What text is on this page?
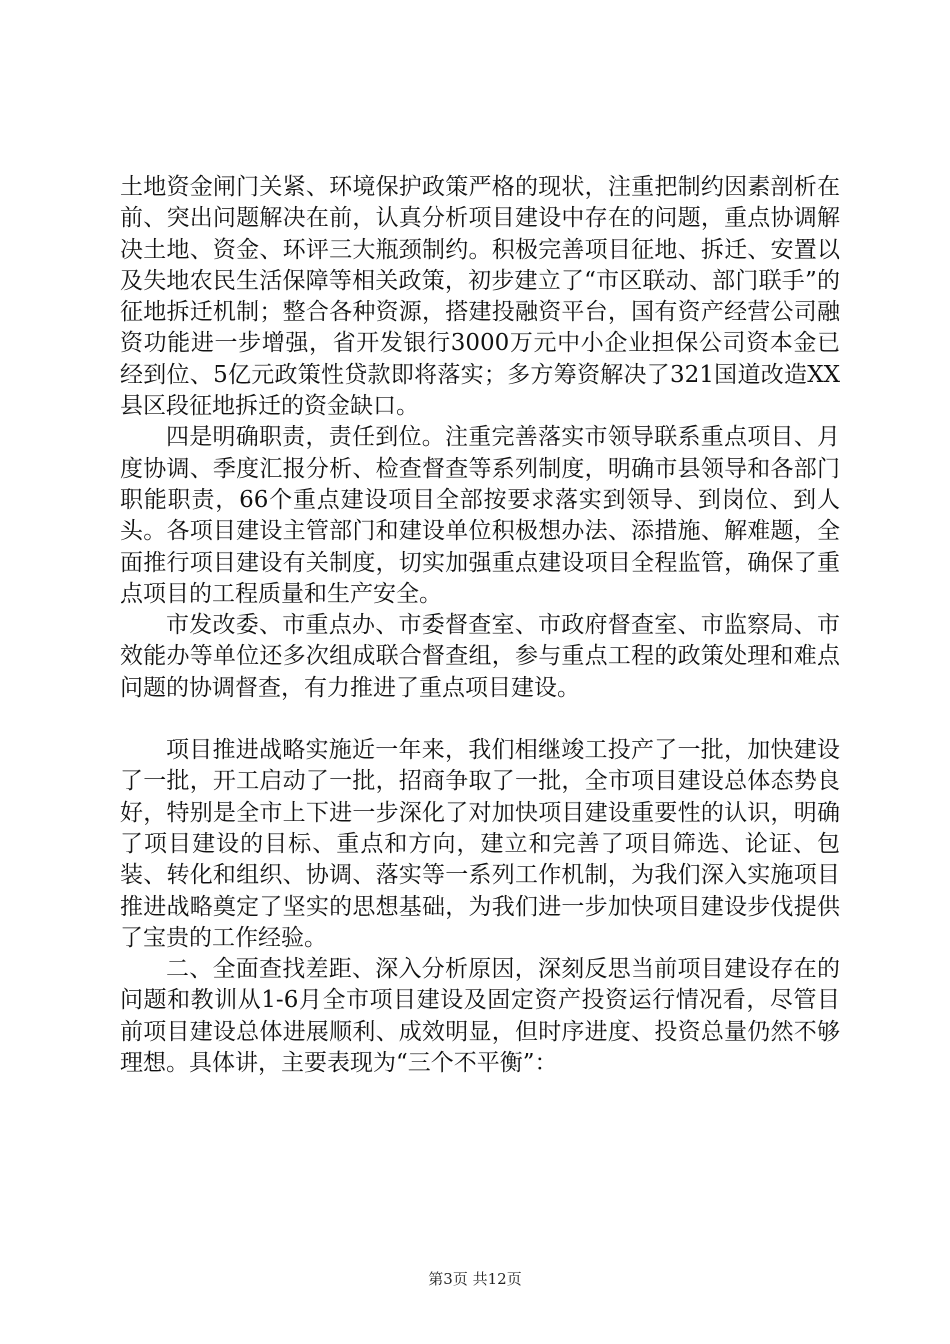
土地资金闸门关紧、环境保护政策严格的现状，注重把制约因素剖析在前、突出问题解决在前，认真分析项目建设中存在的问题，重点协调解决土地、资金、环评三大瓶颈制约。积极完善项目征地、拆迁、安置以及失地农民生活保障等相关政策，初步建立了“市区联动、部门联手”的征地拆迁机制；整合各种资源，搭建投融资平台，国有资产经营公司融资功能进一步增强，省开发银行3000万元中小企业担保公司资本金已经到位、5亿元政策性贷款即将落实；多方筹资解决了321国道改造XX县区段征地拆迁的资金缺口。

四是明确职责，责任到位。注重完善落实市领导联系重点项目、月度协调、季度汇报分析、检查督查等系列制度，明确市县领导和各部门职能职责，66个重点建设项目全部按要求落实到领导、到岗位、到人头。各项目建设主管部门和建设单位积极想办法、添措施、解难题，全面推行项目建设有关制度，切实加强重点建设项目全程监管，确保了重点项目的工程质量和生产安全。

市发改委、市重点办、市委督查室、市政府督查室、市监察局、市效能办等单位还多次组成联合督查组，参与重点工程的政策处理和难点问题的协调督查，有力推进了重点项目建设。

项目推进战略实施近一年来，我们相继竣工投产了一批，加快建设了一批，开工启动了一批，招商争取了一批，全市项目建设总体态势良好，特别是全市上下进一步深化了对加快项目建设重要性的认识，明确了项目建设的目标、重点和方向，建立和完善了项目筛选、论证、包装、转化和组织、协调、落实等一系列工作机制，为我们深入实施项目推进战略奠定了坚实的思想基础，为我们进一步加快项目建设步伐提供了宝贵的工作经验。

二、全面查找差距、深入分析原因，深刻反思当前项目建设存在的问题和教训从1-6月全市项目建设及固定资产投资运行情况看，尽管目前项目建设总体进展顺利、成效明显，但时序进度、投资总量仍然不够理想。具体讲，主要表现为“三个不平衡”：

第3页 共12页
